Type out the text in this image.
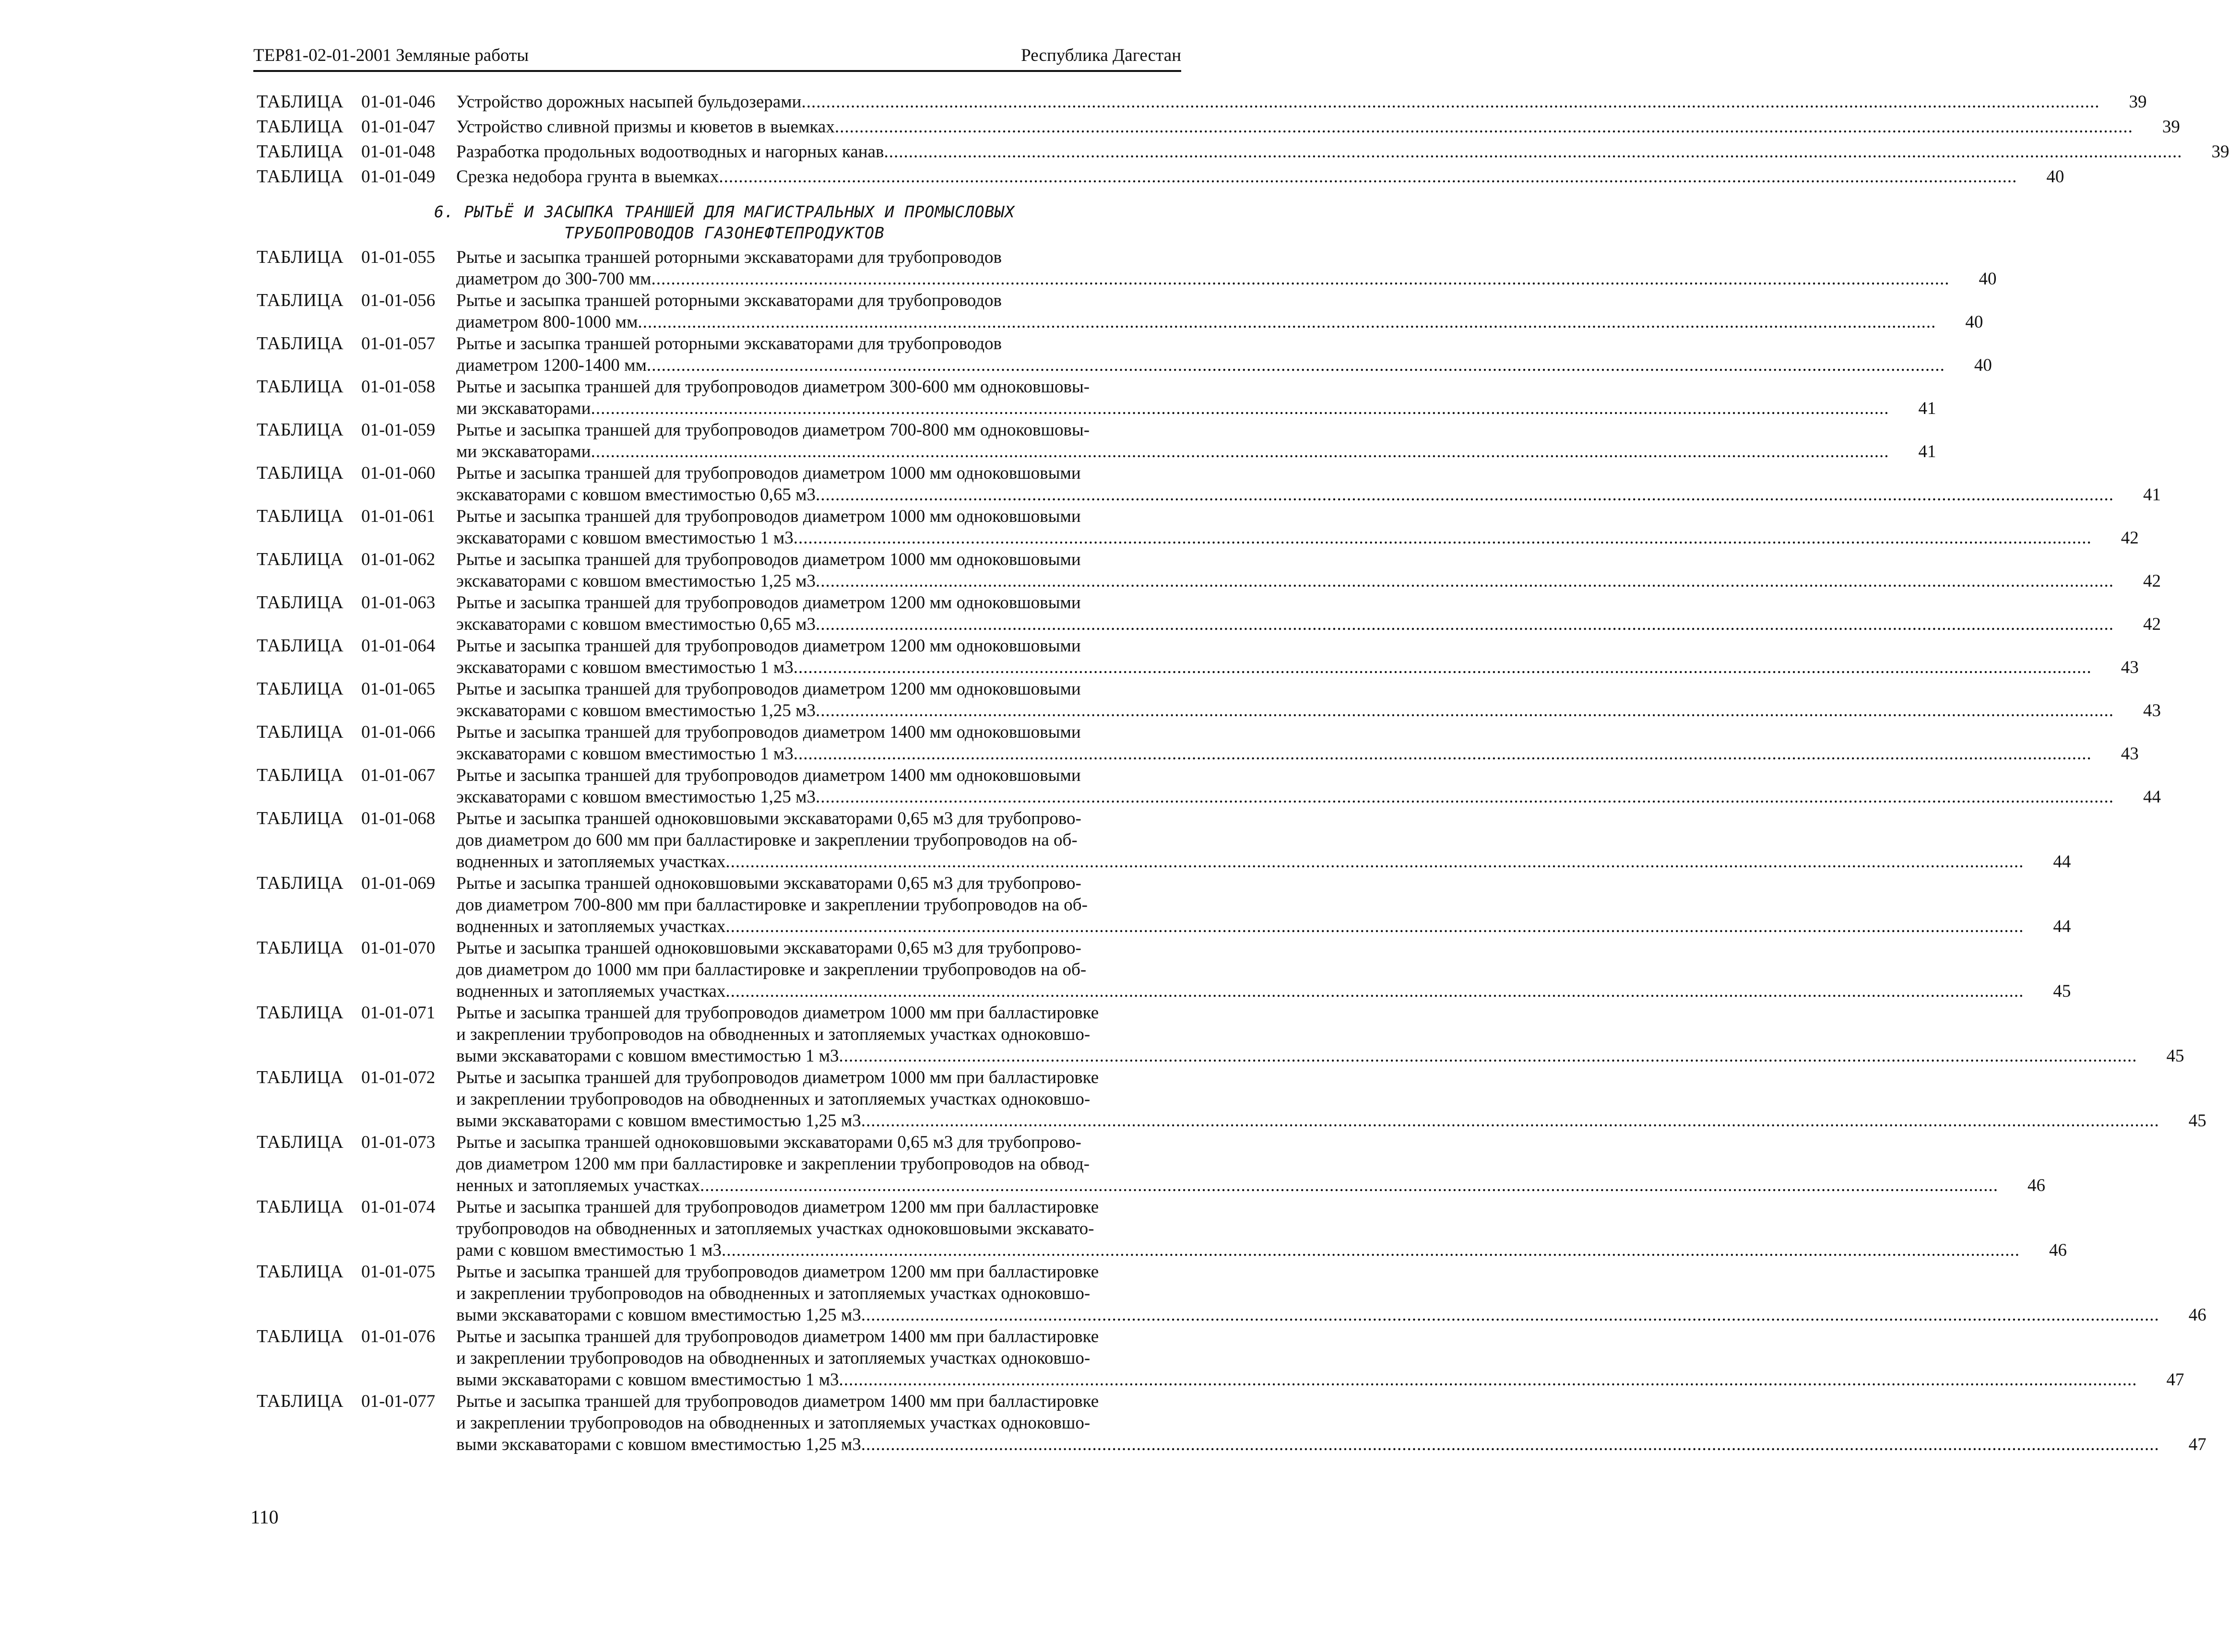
ТЕР81-02-01-2001 Земляные работы	Республика Дагестан
ТАБЛИЦА 01-01-046	Устройство дорожных насыпей бульдозерами .....	39
ТАБЛИЦА 01-01-047	Устройство сливной призмы и кюветов в выемках .....	39
ТАБЛИЦА 01-01-048	Разработка продольных водоотводных и нагорных канав .....	39
ТАБЛИЦА 01-01-049	Срезка недобора грунта в выемках .....	40
6. РЫТЬЁ И ЗАСЫПКА ТРАНШЕЙ ДЛЯ МАГИСТРАЛЬНЫХ И ПРОМЫСЛОВЫХ
ТРУБОПРОВОДОВ ГАЗОНЕФТЕПРОДУКТОВ
ТАБЛИЦА 01-01-055	Рытье и засыпка траншей роторными экскаваторами для трубопроводов
диаметром до 300-700 мм .....	40
ТАБЛИЦА 01-01-056	Рытье и засыпка траншей роторными экскаваторами для трубопроводов
диаметром 800-1000 мм .....	40
ТАБЛИЦА 01-01-057	Рытье и засыпка траншей роторными экскаваторами для трубопроводов
диаметром 1200-1400 мм .....	40
ТАБЛИЦА 01-01-058	Рытье и засыпка траншей для трубопроводов диаметром 300-600 мм одноковшовы-
ми экскаваторами .....	41
ТАБЛИЦА 01-01-059	Рытье и засыпка траншей для трубопроводов диаметром 700-800 мм одноковшовы-
ми экскаваторами .....	41
ТАБЛИЦА 01-01-060	Рытье и засыпка траншей для трубопроводов диаметром 1000 мм одноковшовыми
экскаваторами с ковшом вместимостью 0,65 м3 .....	41
ТАБЛИЦА 01-01-061	Рытье и засыпка траншей для трубопроводов диаметром 1000 мм одноковшовыми
экскаваторами с ковшом вместимостью 1 м3 .....	42
ТАБЛИЦА 01-01-062	Рытье и засыпка траншей для трубопроводов диаметром 1000 мм одноковшовыми
экскаваторами с ковшом вместимостью 1,25 м3 .....	42
ТАБЛИЦА 01-01-063	Рытье и засыпка траншей для трубопроводов диаметром 1200 мм одноковшовыми
экскаваторами с ковшом вместимостью 0,65 м3 .....	42
ТАБЛИЦА 01-01-064	Рытье и засыпка траншей для трубопроводов диаметром 1200 мм одноковшовыми
экскаваторами с ковшом вместимостью 1 м3 .....	43
ТАБЛИЦА 01-01-065	Рытье и засыпка траншей для трубопроводов диаметром 1200 мм одноковшовыми
экскаваторами с ковшом вместимостью 1,25 м3 .....	43
ТАБЛИЦА 01-01-066	Рытье и засыпка траншей для трубопроводов диаметром 1400 мм одноковшовыми
экскаваторами с ковшом вместимостью 1 м3 .....	43
ТАБЛИЦА 01-01-067	Рытье и засыпка траншей для трубопроводов диаметром 1400 мм одноковшовыми
экскаваторами с ковшом вместимостью 1,25 м3 .....	44
ТАБЛИЦА 01-01-068	Рытье и засыпка траншей одноковшовыми экскаваторами 0,65 м3 для трубопрово-
дов диаметром до 600 мм при балластировке и закреплении трубопроводов на об-
водненных и затопляемых участках .....	44
ТАБЛИЦА 01-01-069	Рытье и засыпка траншей одноковшовыми экскаваторами 0,65 м3 для трубопрово-
дов диаметром 700-800 мм при балластировке и закреплении трубопроводов на об-
водненных и затопляемых участках .....	44
ТАБЛИЦА 01-01-070	Рытье и засыпка траншей одноковшовыми экскаваторами 0,65 м3 для трубопрово-
дов диаметром до 1000 мм при балластировке и закреплении трубопроводов на об-
водненных и затопляемых участках .....	45
ТАБЛИЦА 01-01-071	Рытье и засыпка траншей для трубопроводов диаметром 1000 мм при балластировке
и закреплении трубопроводов на обводненных и затопляемых участках одноковшо-
выми экскаваторами с ковшом вместимостью 1 м3 .....	45
ТАБЛИЦА 01-01-072	Рытье и засыпка траншей для трубопроводов диаметром 1000 мм при балластировке
и закреплении трубопроводов на обводненных и затопляемых участках одноковшо-
выми экскаваторами с ковшом вместимостью 1,25 м3 .....	45
ТАБЛИЦА 01-01-073	Рытье и засыпка траншей одноковшовыми экскаваторами 0,65 м3 для трубопрово-
дов диаметром 1200 мм при балластировке и закреплении трубопроводов на обвод-
ненных и затопляемых участках .....	46
ТАБЛИЦА 01-01-074	Рытье и засыпка траншей для трубопроводов диаметром 1200 мм при балластировке
трубопроводов на обводненных и затопляемых участках одноковшовыми экскавато-
рами с ковшом вместимостью 1 м3 .....	46
ТАБЛИЦА 01-01-075	Рытье и засыпка траншей для трубопроводов диаметром 1200 мм при балластировке
и закреплении трубопроводов на обводненных и затопляемых участках одноковшо-
выми экскаваторами с ковшом вместимостью 1,25 м3 .....	46
ТАБЛИЦА 01-01-076	Рытье и засыпка траншей для трубопроводов диаметром 1400 мм при балластировке
и закреплении трубопроводов на обводненных и затопляемых участках одноковшо-
выми экскаваторами с ковшом вместимостью 1 м3 .....	47
ТАБЛИЦА 01-01-077	Рытье и засыпка траншей для трубопроводов диаметром 1400 мм при балластировке
и закреплении трубопроводов на обводненных и затопляемых участках одноковшо-
выми экскаваторами с ковшом вместимостью 1,25 м3 .....	47
110
